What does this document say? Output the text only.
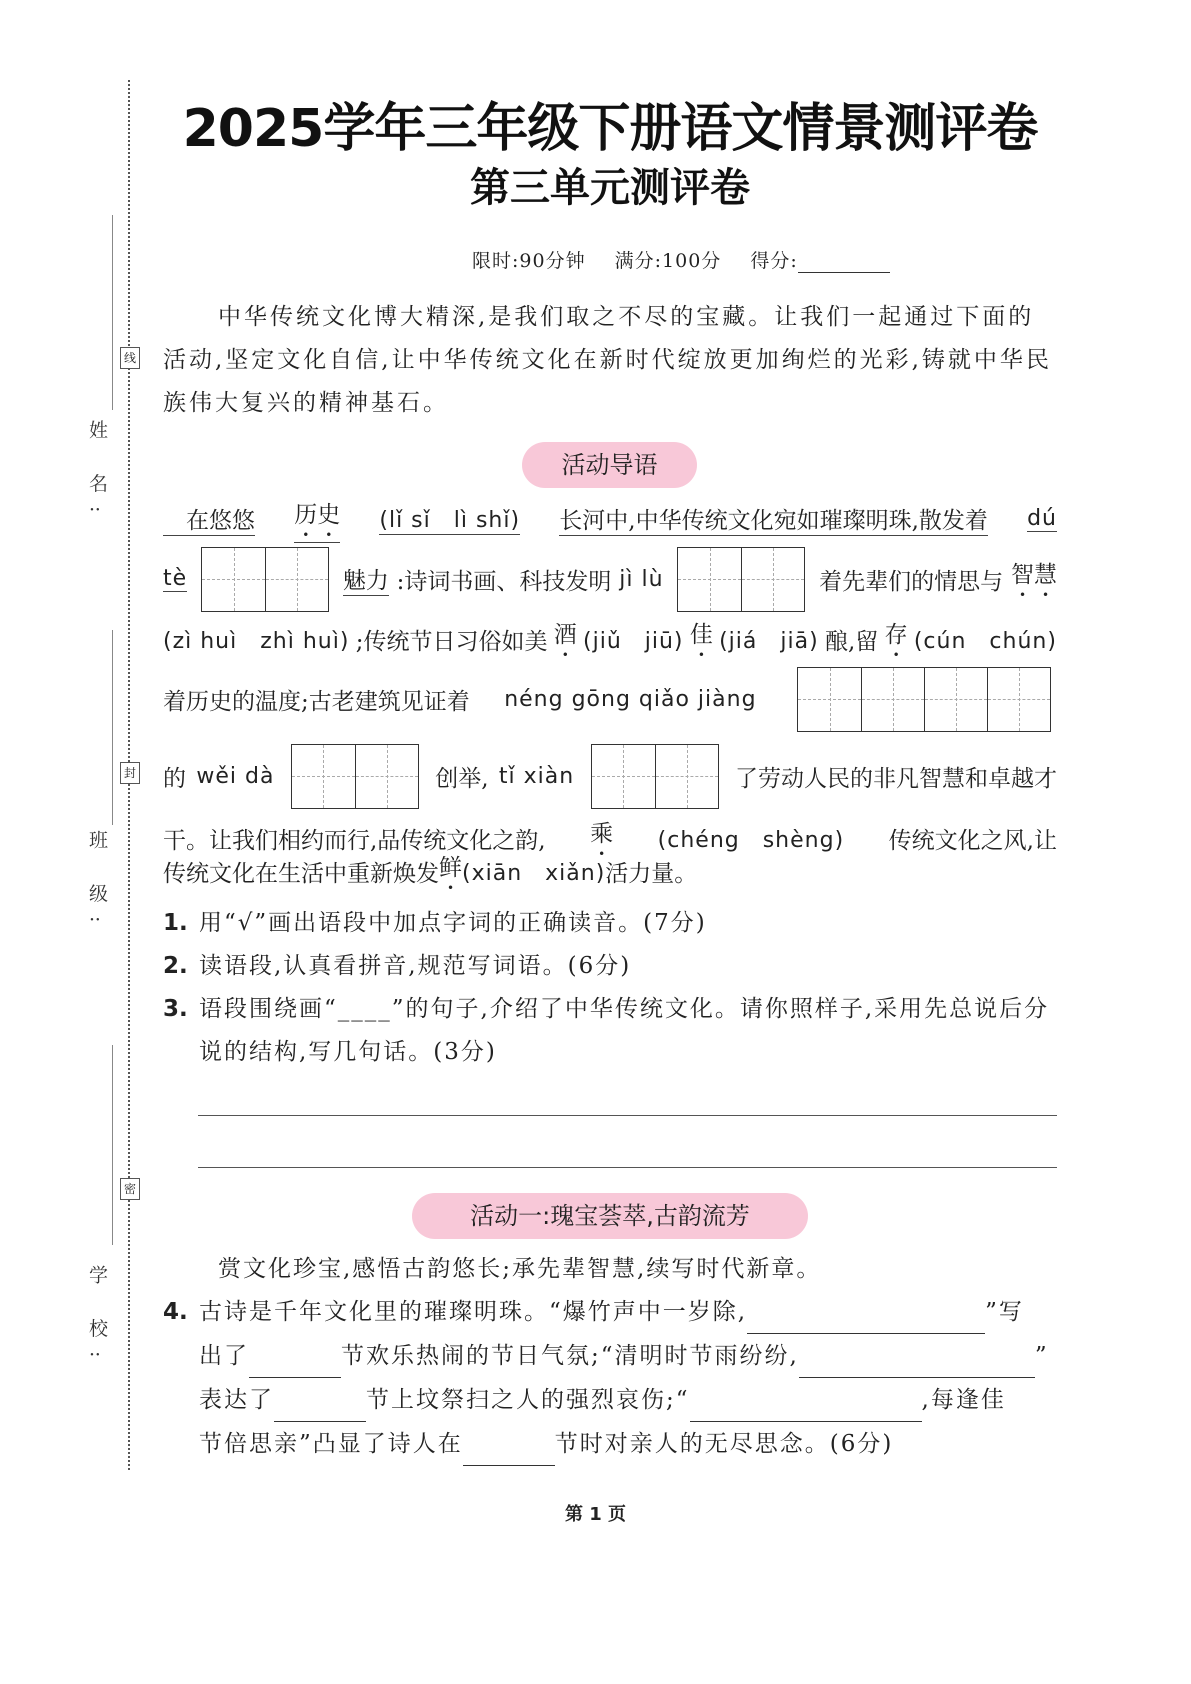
姓 名:
班 级:
学 校:
线
封
密
2025学年三年级下册语文情景测评卷
第三单元测评卷
限时:90分钟 满分:100分 得分:
中华传统文化博大精深,是我们取之不尽的宝藏。让我们一起通过下面的活动,坚定文化自信,让中华传统文化在新时代绽放更加绚烂的光彩,铸就中华民族伟大复兴的精神基石。
活动导语
　在悠悠 历史 (lǐ sǐ　lì shǐ) 长河中,中华传统文化宛如璀璨明珠,散发着 dú
tè	魅力 :诗词书画、科技发明 jì lù	着先辈们的情思与 智慧
(zì huì　zhì huì) ;传统节日习俗如美 酒 (jiǔ　jiū) 佳 (jiá　jiā) 酿,留 存 (cún　chún)
着历史的温度;古老建筑见证着 néng gōng qiǎo jiàng
的 wěi dà	创举, tǐ xiàn	了劳动人民的非凡智慧和卓越才
干。让我们相约而行,品传统文化之韵, 乘 (chéng　shèng) 传统文化之风,让
传统文化在生活中重新焕发 鲜 (xiān　xiǎn) 活力量。
1. 用“√”画出语段中加点字词的正确读音。(7分)
2. 读语段,认真看拼音,规范写词语。(6分)
3. 语段围绕画“____”的句子,介绍了中华传统文化。请你照样子,采用先总说后分说的结构,写几句话。(3分)
活动一:瑰宝荟萃,古韵流芳
赏文化珍宝,感悟古韵悠长;承先辈智慧,续写时代新章。
4. 古诗是千年文化里的璀璨明珠。“爆竹声中一岁除,	”写
出了	节欢乐热闹的节日气氛;“清明时节雨纷纷,	”
表达了	节上坟祭扫之人的强烈哀伤;“	,每逢佳
节倍思亲”凸显了诗人在	节时对亲人的无尽思念。(6分)
第 1 页
